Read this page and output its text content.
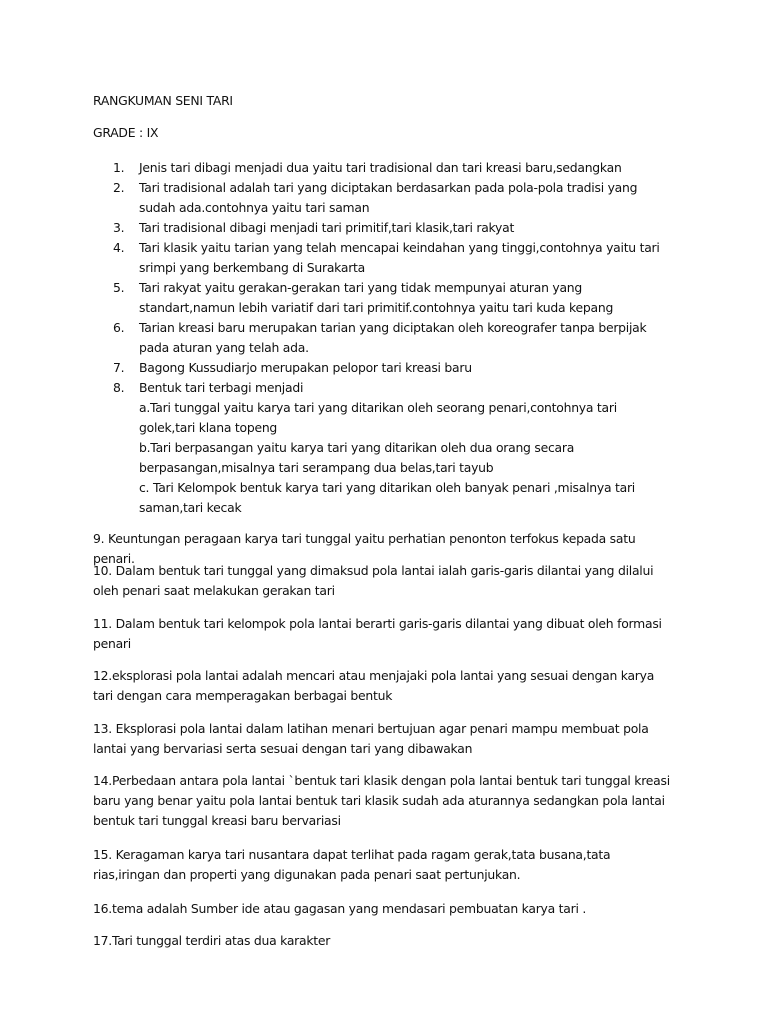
RANGKUMAN SENI TARI
GRADE : IX
1. Jenis tari dibagi menjadi dua yaitu tari tradisional dan tari kreasi baru,sedangkan
2. Tari tradisional adalah tari yang diciptakan berdasarkan pada pola-pola tradisi yang sudah ada.contohnya yaitu tari saman
3. Tari tradisional dibagi menjadi tari primitif,tari klasik,tari rakyat
4. Tari klasik yaitu tarian yang telah mencapai keindahan yang tinggi,contohnya yaitu tari srimpi yang berkembang di Surakarta
5. Tari rakyat yaitu gerakan-gerakan tari yang tidak mempunyai aturan yang standart,namun lebih variatif dari tari primitif.contohnya yaitu tari kuda kepang
6. Tarian kreasi baru merupakan tarian yang diciptakan oleh koreografer tanpa berpijak pada aturan yang telah ada.
7. Bagong Kussudiarjo merupakan pelopor tari kreasi baru
8. Bentuk tari terbagi menjadi
a.Tari tunggal yaitu karya tari yang ditarikan oleh seorang penari,contohnya tari golek,tari klana topeng
b.Tari berpasangan yaitu karya tari yang ditarikan oleh dua orang secara berpasangan,misalnya tari serampang dua belas,tari tayub
c. Tari Kelompok bentuk karya tari yang ditarikan oleh banyak penari ,misalnya tari saman,tari kecak
9. Keuntungan peragaan karya tari tunggal yaitu perhatian penonton terfokus kepada satu penari.
10. Dalam bentuk tari tunggal yang dimaksud pola lantai ialah garis-garis dilantai yang dilalui oleh penari saat melakukan gerakan tari
11. Dalam bentuk tari kelompok pola lantai berarti garis-garis dilantai yang dibuat oleh formasi penari
12.eksplorasi pola lantai adalah mencari atau menjajaki pola lantai yang sesuai dengan karya tari dengan cara memperagakan berbagai bentuk
13. Eksplorasi pola lantai dalam latihan menari bertujuan agar penari mampu membuat pola lantai yang bervariasi serta sesuai dengan tari yang dibawakan
14.Perbedaan antara pola lantai `bentuk tari klasik dengan pola lantai bentuk tari tunggal kreasi baru yang benar yaitu pola lantai bentuk tari klasik sudah ada aturannya sedangkan pola lantai bentuk tari tunggal kreasi baru bervariasi
15. Keragaman karya tari nusantara dapat terlihat pada ragam gerak,tata busana,tata rias,iringan dan properti yang digunakan pada penari saat pertunjukan.
16.tema adalah Sumber ide atau gagasan yang mendasari pembuatan karya tari .
17.Tari tunggal terdiri atas dua karakter
